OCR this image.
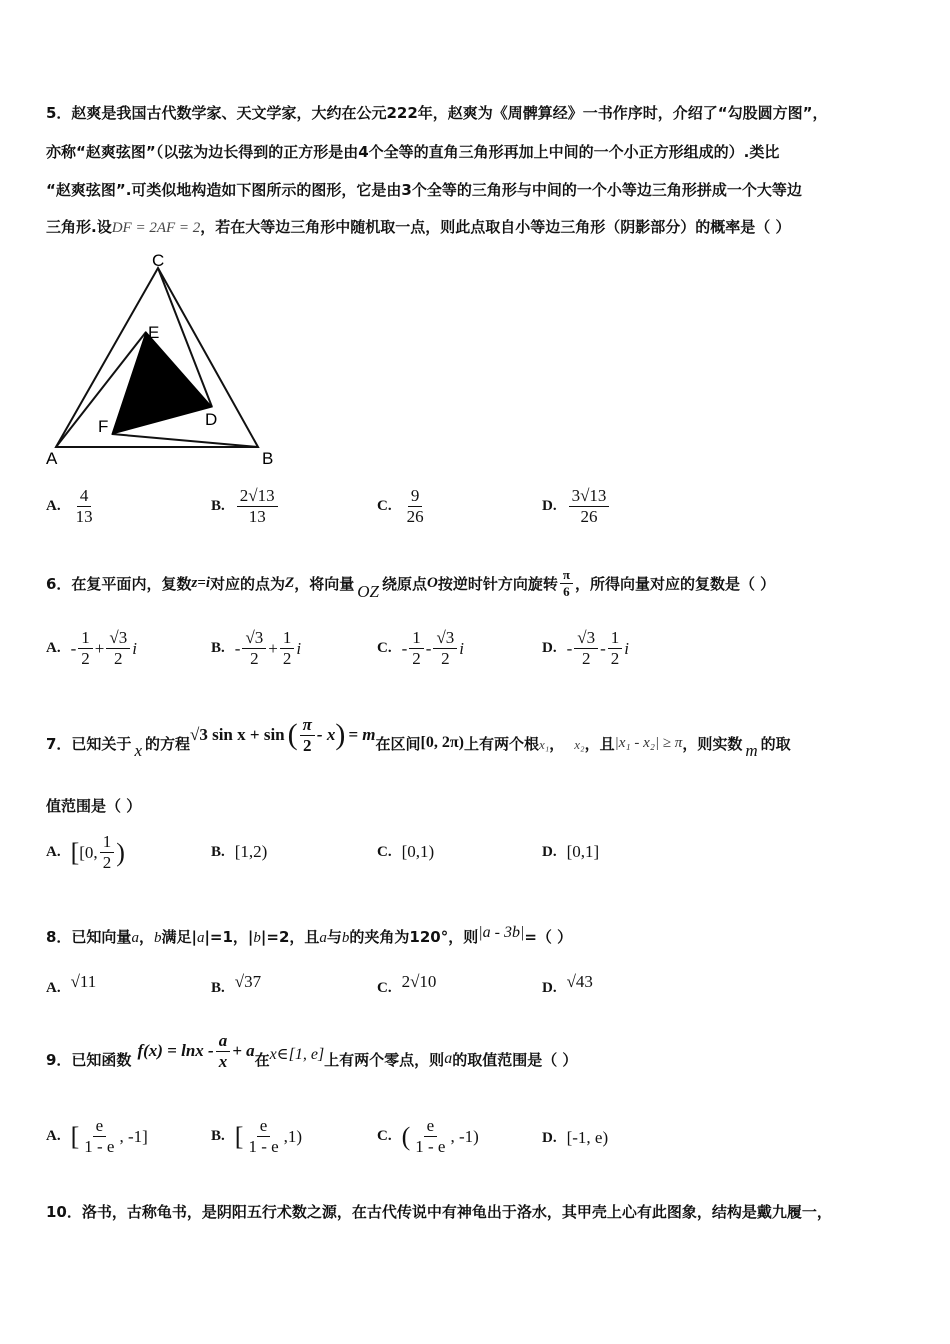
5．赵爽是我国古代数学家、天文学家，大约在公元222年，赵爽为《周髀算经》一书作序时，介绍了“勾股圆方图”，
亦称“赵爽弦图”（以弦为边长得到的正方形是由4个全等的直角三角形再加上中间的一个小正方形组成的）.类比
“赵爽弦图”.可类似地构造如下图所示的图形，它是由3个全等的三角形与中间的一个小等边三角形拼成一个大等边
三角形.设DF = 2AF = 2，若在大等边三角形中随机取一点，则此点取自小等边三角形（阴影部分）的概率是（ ）
C
E
F	D
A	B
A. $\frac{4}{13}$	B. $\frac{2√13}{13}$	C. $\frac{9}{26}$	D. $\frac{3√13}{26}$
6．在复平面内，复数 z=i 对应的点为 Z ，将向量 OZ 绕原点 O 按逆时针方向旋转 $\frac{\pi}{6}$ ，所得向量对应的复数是（ ）
A. - $\frac{1}{2} + \frac{√3}{2}$ i	B. - $\frac{√3}{2} + \frac{1}{2}$ i	C. - $\frac{1}{2} - \frac{√3}{2}$ i	D. - $\frac{√3}{2} - \frac{1}{2}$ i
7．已知关于 x 的方程 √3 sin x + sin ( $\frac{\pi}{2}$ - x ) = m 在区间 [0, 2π) 上有两个根 x₁ ， x₂ ，且 |x₁ - x₂| ≥ π ，则实数 m 的取
值范围是（ ）
A. [ [0, $\frac{1}{2}$ )	B. [1,2)	C. [0,1)	D. [0,1]
8．已知向量a，b满足|a|=1，|b|=2，且a与b的夹角为120°，则|a - 3b|=（ ）
A. √11	B. √37	C. 2√10	D. √43
9．已知函数 $f(x) = \ln x - \frac{a}{x} + a$ 在 x∈[1, e] 上有两个零点，则 a 的取值范围是（ ）
A. [ $\frac{e}{1 - e}$ , -1]	B. [ $\frac{e}{1 - e} ,1$)	C. ( $\frac{e}{1 - e}$ , -1)	D. [-1, e)
10．洛书，古称龟书，是阴阳五行术数之源，在古代传说中有神龟出于洛水，其甲壳上心有此图象，结构是戴九履一，
